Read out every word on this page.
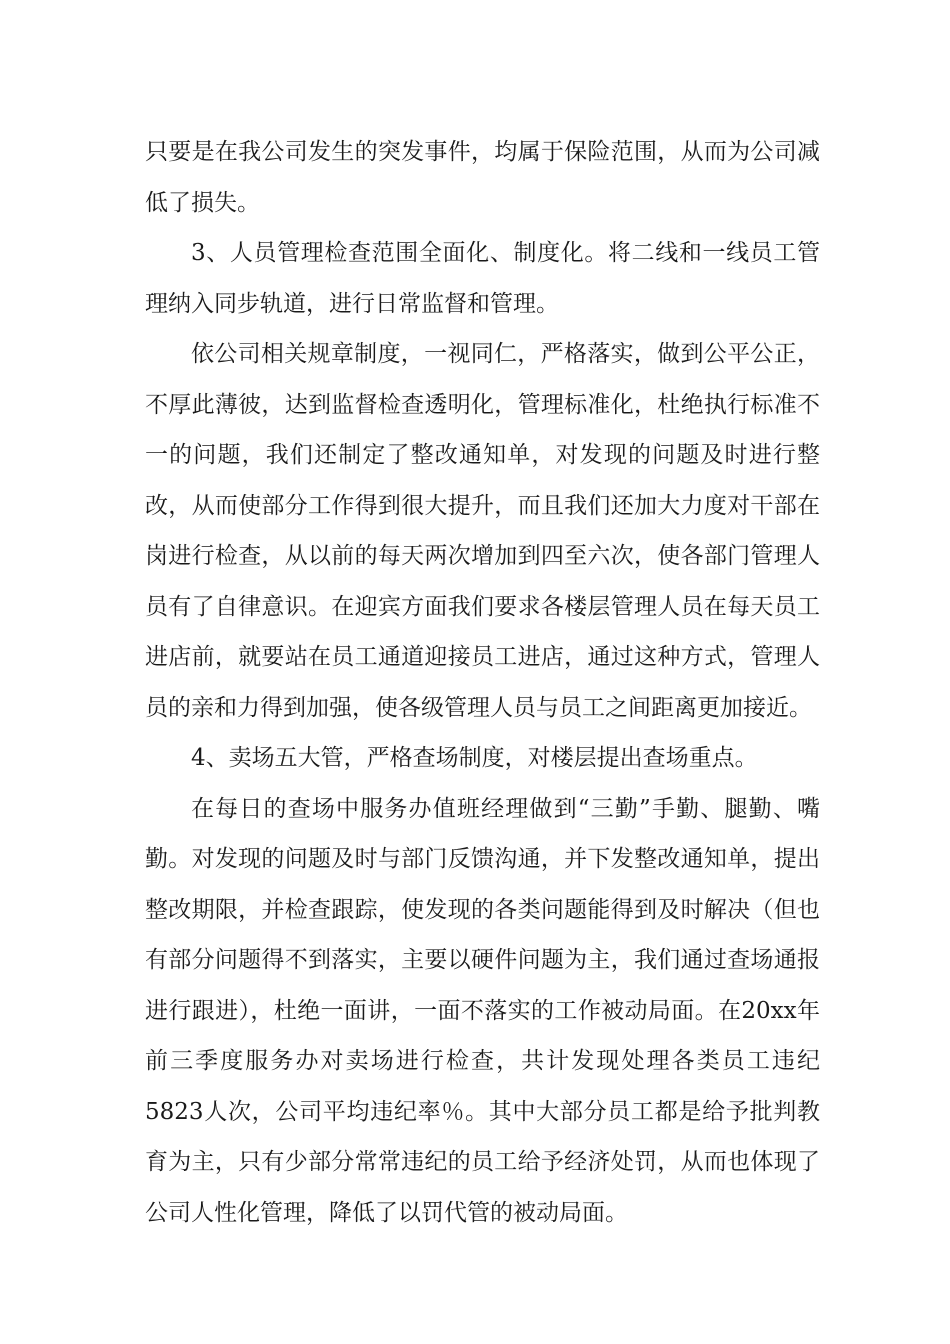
只要是在我公司发生的突发事件，均属于保险范围，从而为公司减低了损失。

3、人员管理检查范围全面化、制度化。将二线和一线员工管理纳入同步轨道，进行日常监督和管理。

依公司相关规章制度，一视同仁，严格落实，做到公平公正，不厚此薄彼，达到监督检查透明化，管理标准化，杜绝执行标准不一的问题，我们还制定了整改通知单，对发现的问题及时进行整改，从而使部分工作得到很大提升，而且我们还加大力度对干部在岗进行检查，从以前的每天两次增加到四至六次，使各部门管理人员有了自律意识。在迎宾方面我们要求各楼层管理人员在每天员工进店前，就要站在员工通道迎接员工进店，通过这种方式，管理人员的亲和力得到加强，使各级管理人员与员工之间距离更加接近。

4、卖场五大管，严格查场制度，对楼层提出查场重点。

在每日的查场中服务办值班经理做到“三勤”手勤、腿勤、嘴勤。对发现的问题及时与部门反馈沟通，并下发整改通知单，提出整改期限，并检查跟踪，使发现的各类问题能得到及时解决（但也有部分问题得不到落实，主要以硬件问题为主，我们通过查场通报进行跟进），杜绝一面讲，一面不落实的工作被动局面。在20xx年前三季度服务办对卖场进行检查，共计发现处理各类员工违纪5823人次，公司平均违纪率％。其中大部分员工都是给予批判教育为主，只有少部分常常违纪的员工给予经济处罚，从而也体现了公司人性化管理，降低了以罚代管的被动局面。
